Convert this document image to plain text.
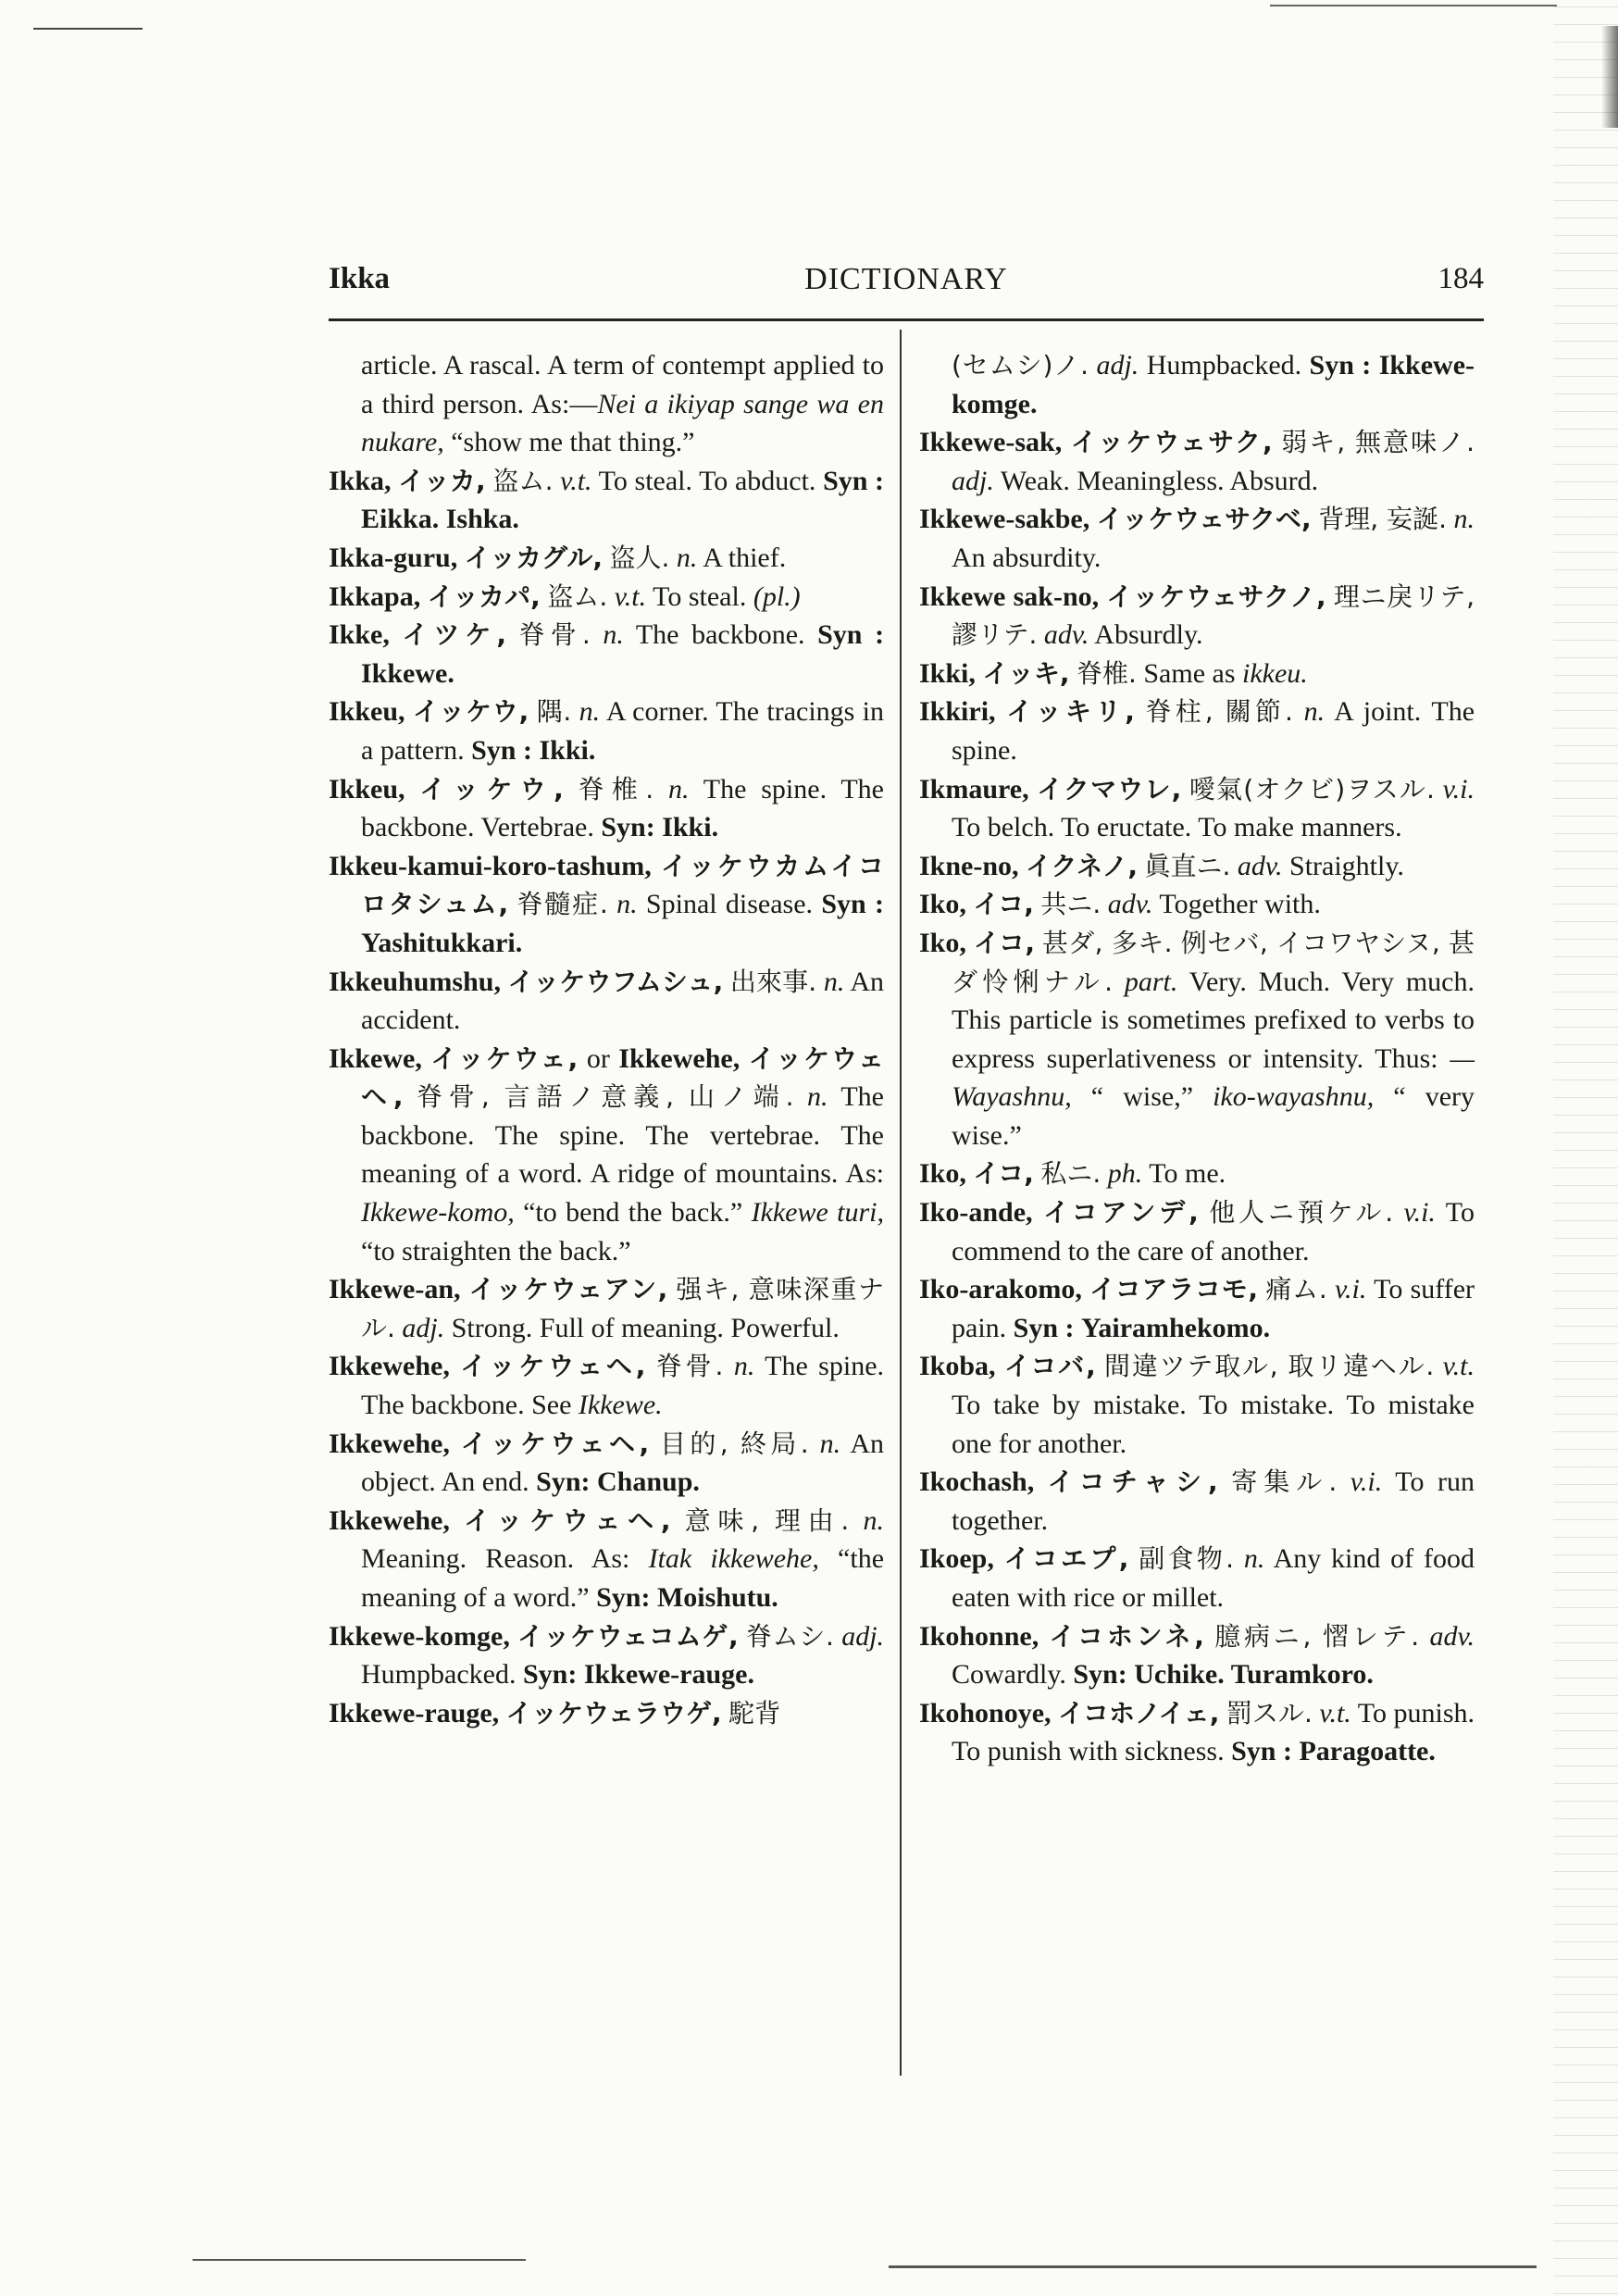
Ikka	DICTIONARY	184
article. A rascal. A term of contempt applied to a third person. As:—Nei a ikiyap sange wa en nukare, “show me that thing.”
Ikka, イッカ, 盗ム. v.t. To steal. To abduct. Syn : Eikka. Ishka.
Ikka-guru, イッカグル, 盗人. n. A thief.
Ikkapa, イッカパ, 盗ム. v.t. To steal. (pl.)
Ikke, イツケ, 脊骨. n. The backbone. Syn : Ikkewe.
Ikkeu, イッケウ, 隅. n. A corner. The tracings in a pattern. Syn : Ikki.
Ikkeu, イッケウ, 脊椎. n. The spine. The backbone. Vertebrae. Syn: Ikki.
Ikkeu-kamui-koro-tashum, イッケウカムイコロタシュム, 脊髓症. n. Spinal disease. Syn : Yashitukkari.
Ikkeuhumshu, イッケウフムシュ, 出來事. n. An accident.
Ikkewe, イッケウェ, or Ikkewehe, イッケウェヘ, 脊骨, 言語ノ意義, 山ノ端. n. The backbone. The spine. The vertebrae. The meaning of a word. A ridge of mountains. As: Ikkewe-komo, “to bend the back.” Ikkewe turi, “to straighten the back.”
Ikkewe-an, イッケウェアン, 强キ, 意味深重ナル. adj. Strong. Full of meaning. Powerful.
Ikkewehe, イッケウェヘ, 脊骨. n. The spine. The backbone. See Ikkewe.
Ikkewehe, イッケウェヘ, 目的, 終局. n. An object. An end. Syn: Chanup.
Ikkewehe, イッケウェヘ, 意味, 理由. n. Meaning. Reason. As: Itak ikkewehe, “the meaning of a word.” Syn: Moishutu.
Ikkewe-komge, イッケウェコムゲ, 脊ムシ. adj. Humpbacked. Syn: Ikkewe-rauge.
Ikkewe-rauge, イッケウェラウゲ, 駝背
(セムシ)ノ. adj. Humpbacked. Syn : Ikkewe-komge.
Ikkewe-sak, イッケウェサク, 弱キ, 無意味ノ. adj. Weak. Meaningless. Absurd.
Ikkewe-sakbe, イッケウェサクベ, 背理, 妄誕. n. An absurdity.
Ikkewe sak-no, イッケウェサクノ, 理ニ戾リテ, 謬リテ. adv. Absurdly.
Ikki, イッキ, 脊椎. Same as ikkeu.
Ikkiri, イッキリ, 脊柱, 關節. n. A joint. The spine.
Ikmaure, イクマウレ, 噯氣(オクビ)ヲスル. v.i. To belch. To eructate. To make manners.
Ikne-no, イクネノ, 眞直ニ. adv. Straightly.
Iko, イコ, 共ニ. adv. Together with.
Iko, イコ, 甚ダ, 多キ. 例セバ, イコワヤシヌ, 甚ダ怜悧ナル. part. Very. Much. Very much. This particle is sometimes prefixed to verbs to express superlativeness or intensity. Thus: —Wayashnu, “ wise,” iko-wayashnu, “ very wise.”
Iko, イコ, 私ニ. ph. To me.
Iko-ande, イコアンデ, 他人ニ預ケル. v.i. To commend to the care of another.
Iko-arakomo, イコアラコモ, 痛ム. v.i. To suffer pain. Syn : Yairamhekomo.
Ikoba, イコバ, 間違ツテ取ル, 取リ違ヘル. v.t. To take by mistake. To mistake. To mistake one for another.
Ikochash, イコチャシ, 寄集ル. v.i. To run together.
Ikoep, イコエプ, 副食物. n. Any kind of food eaten with rice or millet.
Ikohonne, イコホンネ, 臆病ニ, 慴レテ. adv. Cowardly. Syn: Uchike. Turamkoro.
Ikohonoye, イコホノイェ, 罰スル. v.t. To punish. To punish with sickness. Syn : Paragoatte.
